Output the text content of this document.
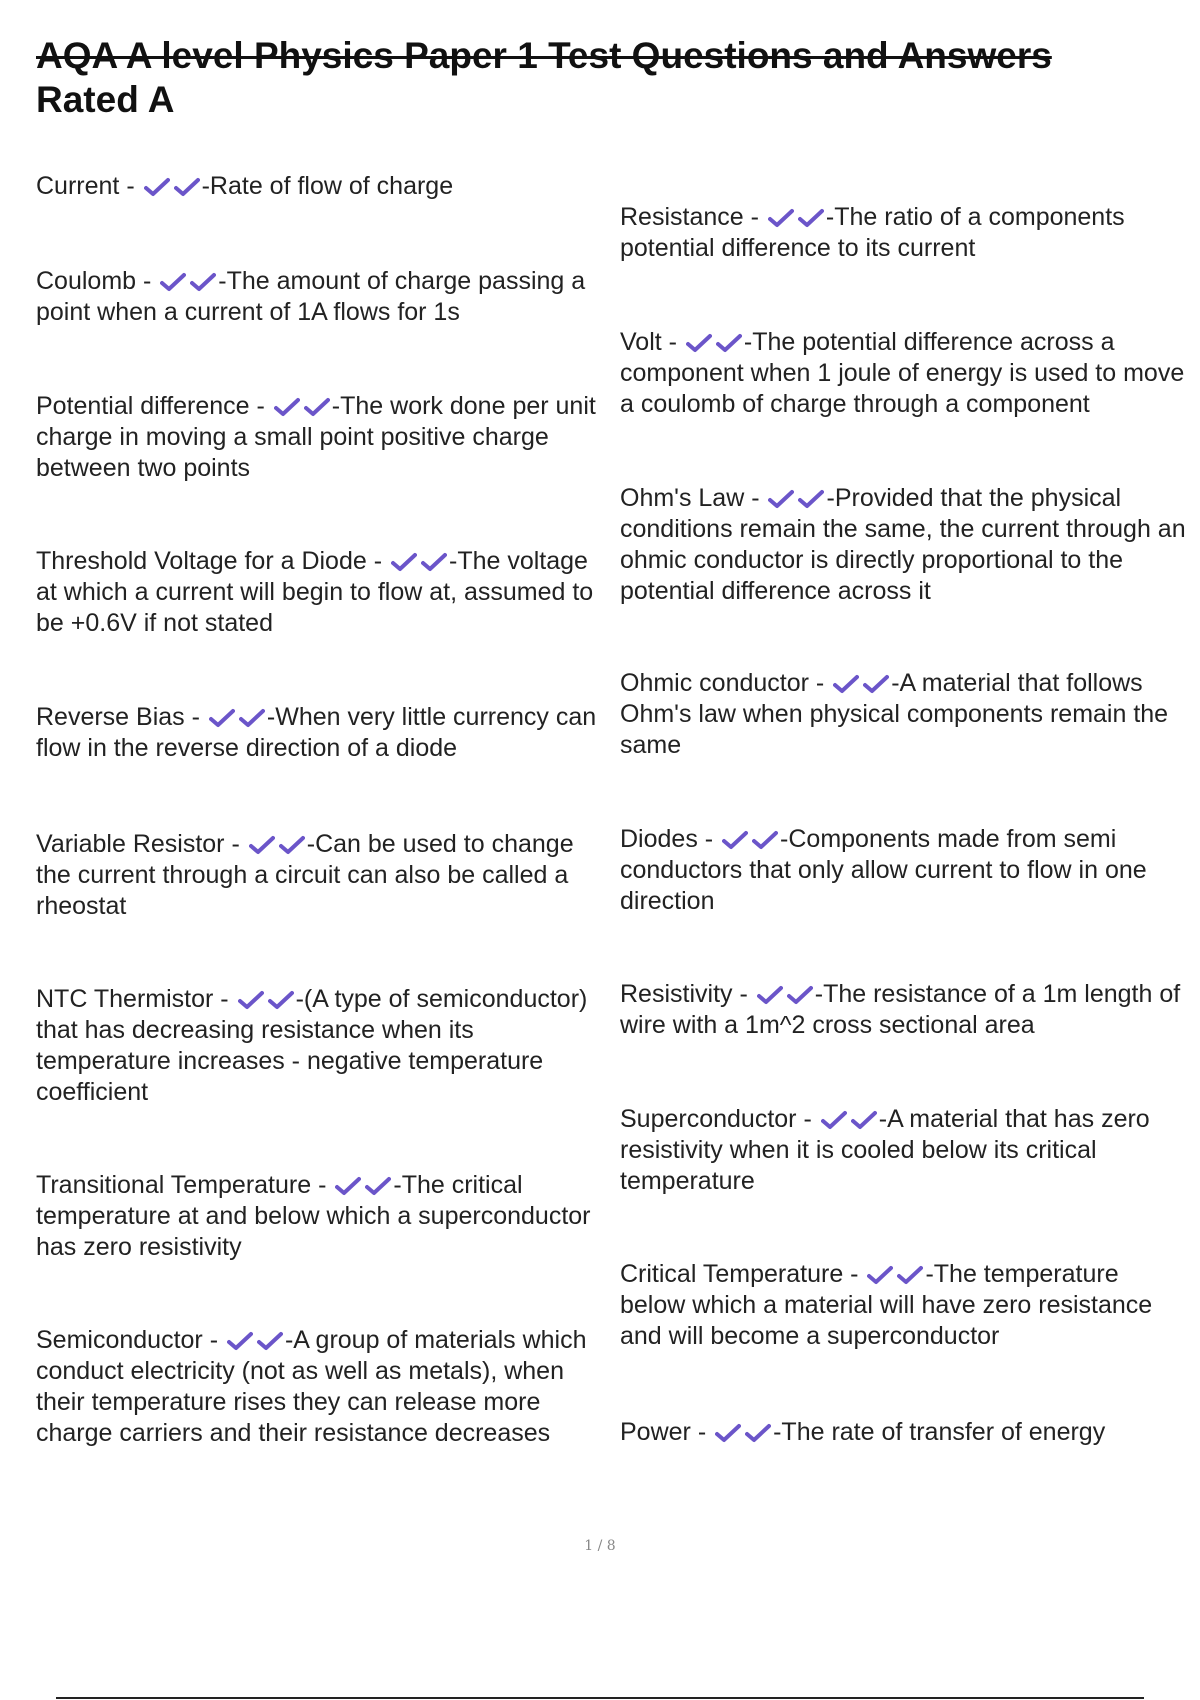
AQA A level Physics Paper 1 Test Questions and Answers
Rated A
Current -
-Rate of flow of charge
Coulomb -
-The amount of charge passing a point when a current of 1A flows for 1s
Potential difference -
-The work done per unit charge in moving a small point positive charge between two points
Threshold Voltage for a Diode -
-The voltage at which a current will begin to flow at, assumed to be +0.6V if not stated
Reverse Bias -
-When very little currency can flow in the reverse direction of a diode
Variable Resistor -
-Can be used to change the current through a circuit can also be called a rheostat
NTC Thermistor -
-(A type of semiconductor) that has decreasing resistance when its temperature increases - negative temperature coefficient
Transitional Temperature -
-The critical temperature at and below which a superconductor has zero resistivity
Semiconductor -
-A group of materials which conduct electricity (not as well as metals), when their temperature rises they can release more charge carriers and their resistance decreases
Resistance -
-The ratio of a components potential difference to its current
Volt -
-The potential difference across a component when 1 joule of energy is used to move a coulomb of charge through a component
Ohm's Law -
-Provided that the physical conditions remain the same, the current through an ohmic conductor is directly proportional to the potential difference across it
Ohmic conductor -
-A material that follows Ohm's law when physical components remain the same
Diodes -
-Components made from semi conductors that only allow current to flow in one direction
Resistivity -
-The resistance of a 1m length of wire with a 1m^2 cross sectional area
Superconductor -
-A material that has zero resistivity when it is cooled below its critical temperature
Critical Temperature -
-The temperature below which a material will have zero resistance and will become a superconductor
Power -
-The rate of transfer of energy
1 / 8
